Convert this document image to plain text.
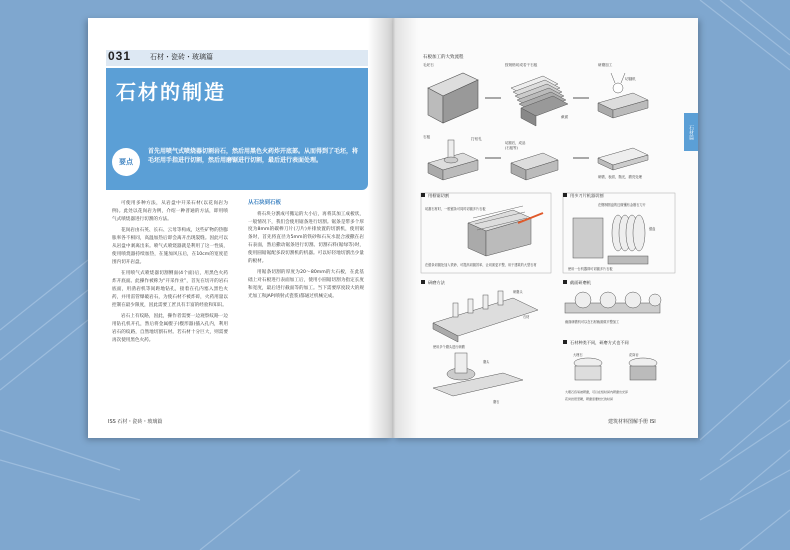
031	石材・瓷砖・玻璃篇
石材的制造
要点
首先用喷气式喷烧器切割岩石，然后用黑色火药炸开底部。从而得到了毛坯，将毛坯用手指进行切割，然后用磨锯进行切割，最后进行表面处理。

可使用多种方法，从岩盘中开采石材(以花岗岩为例)。此处以花岗岩为例，介绍一种普通的方法，即用喷气式喷烧器进行切割的方法。

花岗岩由石英、长石、云母等构成，这些矿物的热膨胀率各不相同，高温加热后即会离开出现裂缝。因此可以从岩盘中剥离出来。喷气式喷烧器就是利用了这一性质，使用喷烧器持续加热，在施加风压后，在10cm的宽度范围内切开岩盘。

在用喷气式喷烧器切割侧面(4个面)后，用黑色火药炸开底面。此操作被称为“开采作业”，首先在切开的岩石底面，用凿岩机等间距地钻孔，接着在孔内塞入黑色火药，并用雷管爆破岩石，为使石材不被炸碎，火药用量以控制在最少限度，因此需要工匠具有丰富的经验和知识。

岩石上有纹路，因此，操作者需要一边观察纹路一边用钻孔机开孔，然后将金属楔子(楔形器)插入孔内，利用岩石的纹路，自然地切割石材。若石材十分巨大，则需要再次使用黑色火药。

从石块到石板

将石块分割成可搬运的大小后，再将其加工成板状，一般情况下，我们会使用锯条进行切割。锯条是带多个厚度为8mm的碳棒刀片(刀片)并排放置的切割机，使用锯条时，首先将直径为5mm的铁砂和石灰水混合液撒在岩石表面，然后撒动锯条进行切割。切割石料(锯绿等)时，使用圆锯锯配多段切割机的机器。可以好轻地切割出少量的板材。

用锯条切割的厚度为20～80mm的大石板，在此基础上对石板进行表面加工后，使用小圆锯切割为指定长度和宽度，最后进行截面等的加工。当下需要厚度较大的规光加工和JAP(喷射式瓷浆)都通过机械完成。

ISS 石材・瓷砖・玻璃篇
石板加工的大致流程
毛坯石	按规格切成若干石板	研磨加工
截面
切割机
石板	打钻孔
切割后，成品
(石板等)
研磨，表面，抛光，磨亮处理
用框锯切割
切割石材时，一根锯条可同时切割多片石板
在锯条切割处加入铁砂，可提高切割效率，让切面更平整，用于建筑的大型石材
用多刀片机器切割
在钢制圆盘的边缘镶有金刚石刀片
锯盘
使用一台机器即可切割多片石板
研磨方法
研磨头
石材
使用多个磨头进行研磨
磨头
磨石
截面研磨机
截面研磨机可以在石材截面做平整加工
石材种类不同，研磨方式也不同
大理石	花岗岩
大理石容易被研磨，可以在短时间内研磨出光泽
花岗岩很坚硬，研磨需要较长的时间
建筑材料图解手册 ISI
石材篇
